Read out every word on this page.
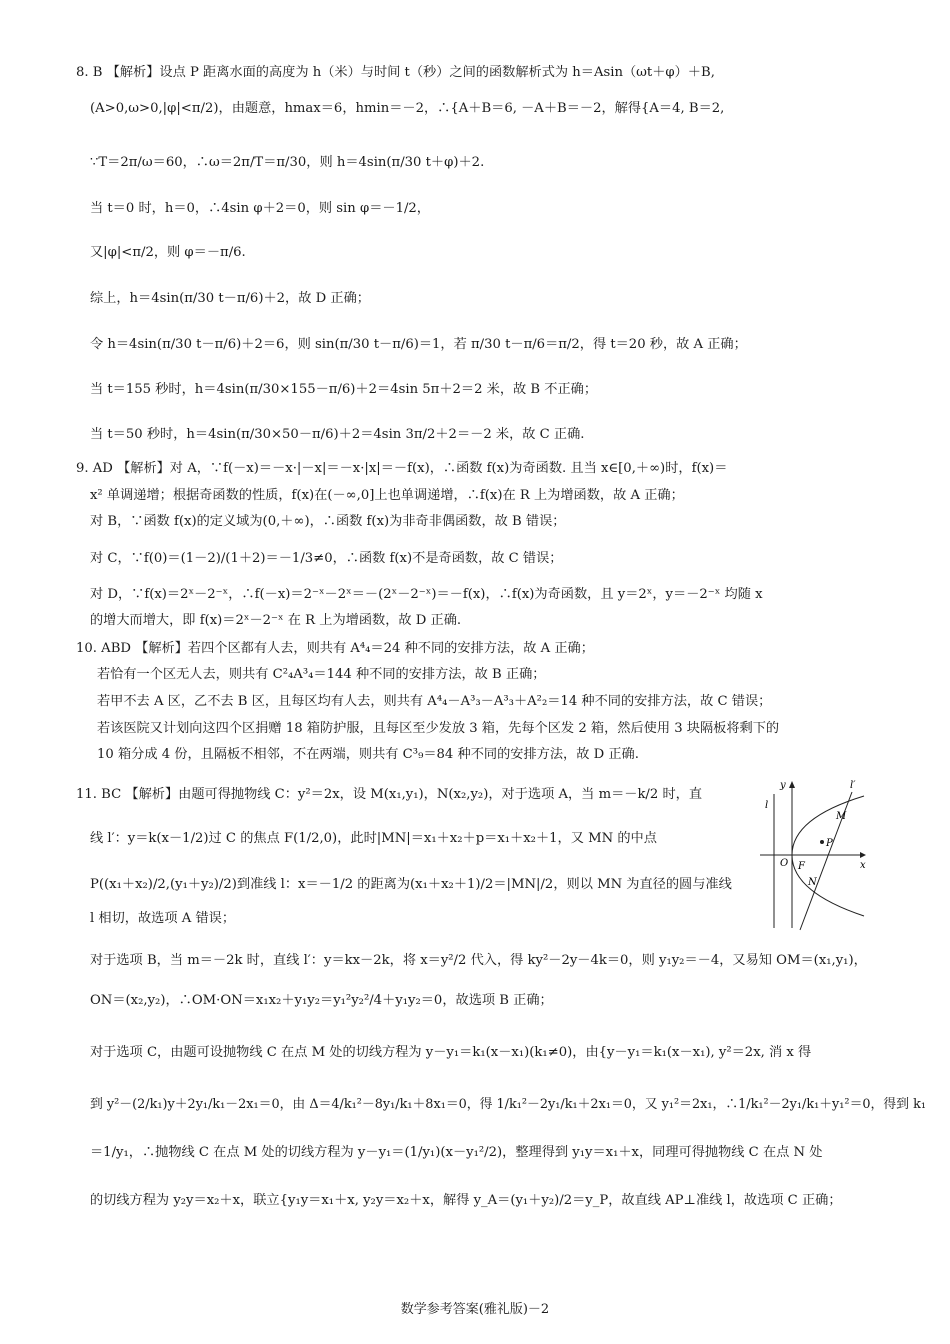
8. B 【解析】设点 P 距离水面的高度为 h（米）与时间 t（秒）之间的函数解析式为 h＝Asin（ωt＋φ）＋B,
(A>0,ω>0,|φ|<π/2)，由题意，hmax＝6，hmin＝－2，∴{A＋B＝6, －A＋B＝－2，解得{A＝4, B＝2,
∵T＝2π/ω＝60，∴ω＝2π/T＝π/30，则 h＝4sin(π/30 t＋φ)＋2.
当 t＝0 时，h＝0，∴4sin φ＋2＝0，则 sin φ＝－1/2，
又|φ|<π/2，则 φ＝－π/6.
综上，h＝4sin(π/30 t－π/6)＋2，故 D 正确；
令 h＝4sin(π/30 t－π/6)＋2＝6，则 sin(π/30 t－π/6)＝1，若 π/30 t－π/6＝π/2，得 t＝20 秒，故 A 正确；
当 t＝155 秒时，h＝4sin(π/30×155－π/6)＋2＝4sin 5π＋2＝2 米，故 B 不正确；
当 t＝50 秒时，h＝4sin(π/30×50－π/6)＋2＝4sin 3π/2＋2＝－2 米，故 C 正确.
9. AD 【解析】对 A，∵f(－x)＝－x·|－x|＝－x·|x|＝－f(x)，∴函数 f(x)为奇函数. 且当 x∈[0,＋∞)时，f(x)＝
x² 单调递增；根据奇函数的性质，f(x)在(－∞,0]上也单调递增，∴f(x)在 R 上为增函数，故 A 正确；
对 B，∵函数 f(x)的定义域为(0,＋∞)，∴函数 f(x)为非奇非偶函数，故 B 错误；
对 C，∵f(0)＝(1－2)/(1＋2)＝－1/3≠0，∴函数 f(x)不是奇函数，故 C 错误；
对 D，∵f(x)＝2ˣ－2⁻ˣ，∴f(－x)＝2⁻ˣ－2ˣ＝－(2ˣ－2⁻ˣ)＝－f(x)，∴f(x)为奇函数，且 y＝2ˣ，y＝－2⁻ˣ 均随 x
的增大而增大，即 f(x)＝2ˣ－2⁻ˣ 在 R 上为增函数，故 D 正确.
10. ABD 【解析】若四个区都有人去，则共有 A⁴₄＝24 种不同的安排方法，故 A 正确；
若恰有一个区无人去，则共有 C²₄A³₄＝144 种不同的安排方法，故 B 正确；
若甲不去 A 区，乙不去 B 区，且每区均有人去，则共有 A⁴₄－A³₃－A³₃＋A²₂＝14 种不同的安排方法，故 C 错误；
若该医院又计划向这四个区捐赠 18 箱防护服，且每区至少发放 3 箱，先每个区发 2 箱，然后使用 3 块隔板将剩下的
10 箱分成 4 份，且隔板不相邻，不在两端，则共有 C³₉＝84 种不同的安排方法，故 D 正确.
11. BC 【解析】由题可得抛物线 C：y²＝2x，设 M(x₁,y₁)，N(x₂,y₂)，对于选项 A，当 m＝－k/2 时，直
线 l′：y＝k(x－1/2)过 C 的焦点 F(1/2,0)，此时|MN|＝x₁＋x₂＋p＝x₁＋x₂＋1，又 MN 的中点
P((x₁＋x₂)/2,(y₁＋y₂)/2)到准线 l：x＝－1/2 的距离为(x₁＋x₂＋1)/2＝|MN|/2，则以 MN 为直径的圆与准线
l 相切，故选项 A 错误；
对于选项 B，当 m＝－2k 时，直线 l′：y＝kx－2k，将 x＝y²/2 代入，得 ky²－2y－4k＝0，则 y₁y₂＝－4，又易知 OM＝(x₁,y₁)，
ON＝(x₂,y₂)，∴OM·ON＝x₁x₂＋y₁y₂＝y₁²y₂²/4＋y₁y₂＝0，故选项 B 正确；
对于选项 C，由题可设抛物线 C 在点 M 处的切线方程为 y－y₁＝k₁(x－x₁)(k₁≠0)，由{y－y₁＝k₁(x－x₁), y²＝2x, 消 x 得
到 y²－(2/k₁)y＋2y₁/k₁－2x₁＝0，由 Δ＝4/k₁²－8y₁/k₁＋8x₁＝0，得 1/k₁²－2y₁/k₁＋2x₁＝0，又 y₁²＝2x₁，∴1/k₁²－2y₁/k₁＋y₁²＝0，得到 k₁
＝1/y₁，∴抛物线 C 在点 M 处的切线方程为 y－y₁＝(1/y₁)(x－y₁²/2)，整理得到 y₁y＝x₁＋x，同理可得抛物线 C 在点 N 处
的切线方程为 y₂y＝x₂＋x，联立{y₁y＝x₁＋x, y₂y＝x₂＋x，解得 y_A＝(y₁＋y₂)/2＝y_P，故直线 AP⊥准线 l，故选项 C 正确；
y
x
O F
l
l′
M
N
P
数学参考答案(雅礼版)－2
